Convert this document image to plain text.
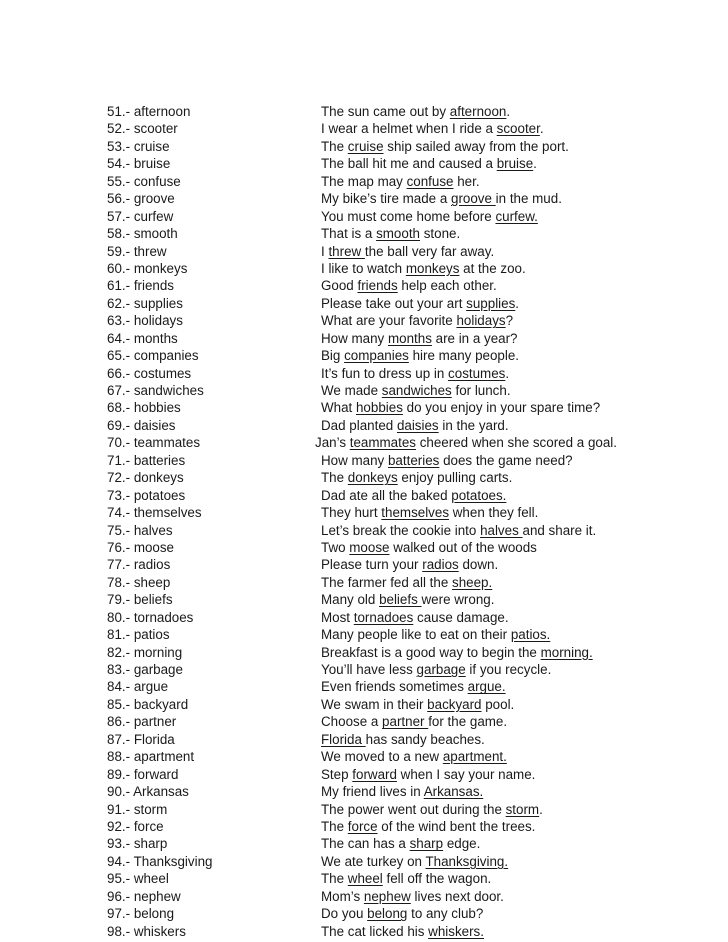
51.- afternoon	The sun came out by afternoon.
52.- scooter	I wear a helmet when I ride a scooter.
53.- cruise	The cruise ship sailed away from the port.
54.- bruise	The ball hit me and caused a bruise.
55.- confuse	The map may confuse her.
56.- groove	My bike’s tire made a groove in the mud.
57.- curfew	You must come home before curfew.
58.- smooth	That is a smooth stone.
59.- threw	I threw the ball very far away.
60.- monkeys	I like to watch monkeys at the zoo.
61.- friends	Good friends help each other.
62.- supplies	Please take out your art supplies.
63.- holidays	What are your favorite holidays?
64.- months	How many months are in a year?
65.- companies	Big companies hire many people.
66.- costumes	It’s fun to dress up in costumes.
67.- sandwiches	We made sandwiches for lunch.
68.- hobbies	What hobbies do you enjoy in your spare time?
69.- daisies	Dad planted daisies in the yard.
70.- teammates	Jan’s teammates cheered when she scored a goal.
71.- batteries	How many batteries does the game need?
72.- donkeys	The donkeys enjoy pulling carts.
73.- potatoes	Dad ate all the baked potatoes.
74.- themselves	They hurt themselves when they fell.
75.- halves	Let’s break the cookie into halves and share it.
76.- moose	Two moose walked out of the woods
77.- radios	Please turn your radios down.
78.- sheep	The farmer fed all the sheep.
79.- beliefs	Many old beliefs were wrong.
80.- tornadoes	Most tornadoes cause damage.
81.- patios	Many people like to eat on their patios.
82.- morning	Breakfast is a good way to begin the morning.
83.- garbage	You’ll have less garbage if you recycle.
84.- argue	Even friends sometimes argue.
85.- backyard	We swam in their backyard pool.
86.- partner	Choose a partner for the game.
87.- Florida	Florida has sandy beaches.
88.- apartment	We moved to a new apartment.
89.- forward	Step forward when I say your name.
90.- Arkansas	My friend lives in Arkansas.
91.- storm	The power went out during the storm.
92.- force	The force of the wind bent the trees.
93.- sharp	The can has a sharp edge.
94.- Thanksgiving	We ate turkey on Thanksgiving.
95.- wheel	The wheel fell off the wagon.
96.- nephew	Mom’s nephew lives next door.
97.- belong	Do you belong to any club?
98.- whiskers	The cat licked his whiskers.
